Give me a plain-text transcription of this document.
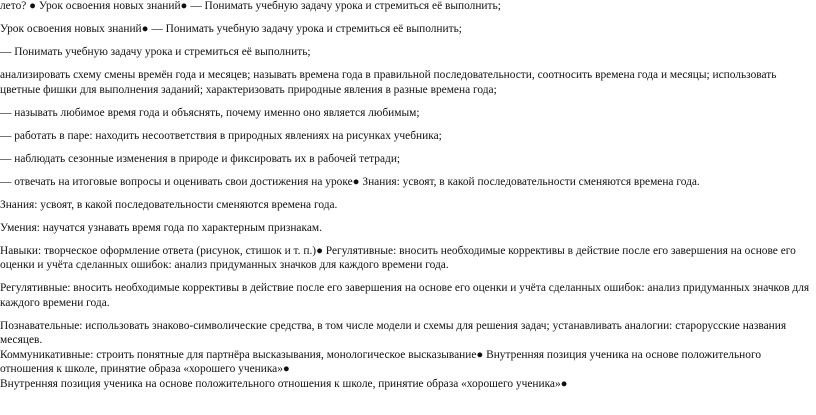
лето? ● Урок освоения новых знаний● — Понимать учебную задачу урока и стремиться её выполнить;

Урок освоения новых знаний● — Понимать учебную задачу урока и стремиться её выполнить;

— Понимать учебную задачу урока и стремиться её выполнить;

анализировать схему смены времён года и месяцев; называть времена года в правильной последовательности, соотносить времена года и месяцы; использовать цветные фишки для выполнения заданий; характеризовать природные явления в разные времена года;

— называть любимое время года и объяснять, почему именно оно является любимым;

— работать в паре: находить несоответствия в природных явлениях на рисунках учебника;

— наблюдать сезонные изменения в природе и фиксировать их в рабочей тетради;

— отвечать на итоговые вопросы и оценивать свои достижения на уроке● Знания: усвоят, в какой последовательности сменяются времена года.

Знания: усвоят, в какой последовательности сменяются времена года.

Умения: научатся узнавать время года по характерным признакам.

Навыки: творческое оформление ответа (рисунок, стишок и т. п.)● Регулятивные: вносить необходимые коррективы в действие после его завершения на основе его оценки и учёта сделанных ошибок: анализ придуманных значков для каждого времени года.

Регулятивные: вносить необходимые коррективы в действие после его завершения на основе его оценки и учёта сделанных ошибок: анализ придуманных значков для каждого времени года.

Познавательные: использовать знаково-символические средства, в том числе модели и схемы для решения задач; устанавливать аналогии: старорусские названия месяцев.

Коммуникативные: строить понятные для партнёра высказывания, монологическое высказывание● Внутренняя позиция ученика на основе положительного отношения к школе, принятие образа «хорошего ученика»●

Внутренняя позиция ученика на основе положительного отношения к школе, принятие образа «хорошего ученика»●
